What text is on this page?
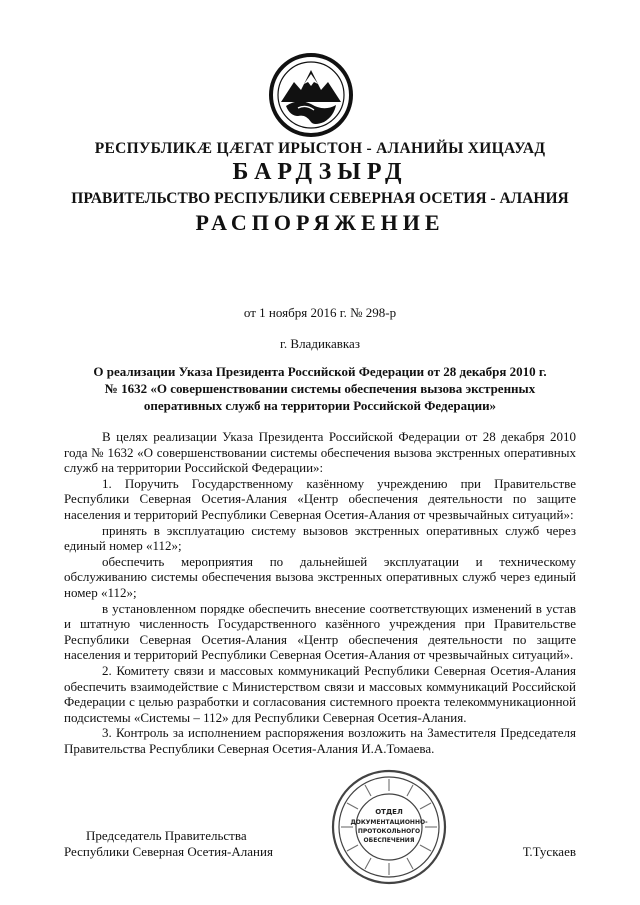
РЕСПУБЛИКӔ ЦӔГАТ ИРЫСТОН - АЛАНИЙЫ ХИЦАУАД
БАРДЗЫРД
ПРАВИТЕЛЬСТВО РЕСПУБЛИКИ СЕВЕРНАЯ ОСЕТИЯ - АЛАНИЯ
РАСПОРЯЖЕНИЕ
от 1 ноября 2016 г. № 298-р
г. Владикавказ
О реализации Указа Президента Российской Федерации от 28 декабря 2010 г.
№ 1632 «О совершенствовании системы обеспечения вызова экстренных
оперативных служб на территории Российской Федерации»

В целях реализации Указа Президента Российской Федерации от 28 декабря 2010 года № 1632 «О совершенствовании системы обеспечения вызова экстренных оперативных служб на территории Российской Федерации»:

1. Поручить Государственному казённому учреждению при Правительстве Республики Северная Осетия-Алания «Центр обеспечения деятельности по защите населения и территорий Республики Северная Осетия-Алания от чрезвычайных ситуаций»:

принять в эксплуатацию систему вызовов экстренных оперативных служб через единый номер «112»;

обеспечить мероприятия по дальнейшей эксплуатации и техническому обслуживанию системы обеспечения вызова экстренных оперативных служб через единый номер «112»;

в установленном порядке обеспечить внесение соответствующих изменений в устав и штатную численность Государственного казённого учреждения при Правительстве Республики Северная Осетия-Алания «Центр обеспечения деятельности по защите населения и территорий Республики Северная Осетия-Алания от чрезвычайных ситуаций».

2. Комитету связи и массовых коммуникаций Республики Северная Осетия-Алания обеспечить взаимодействие с Министерством связи и массовых коммуникаций Российской Федерации с целью разработки и согласования системного проекта телекоммуникационной подсистемы «Системы – 112» для Республики Северная Осетия-Алания.

3. Контроль за исполнением распоряжения возложить на Заместителя Председателя Правительства Республики Северная Осетия-Алания И.А.Томаева.

Председатель Правительства
Республики Северная Осетия-Алания	Т.Тускаев
ОТДЕЛ
ДОКУМЕНТАЦИОННО-
ПРОТОКОЛЬНОГО
ОБЕСПЕЧЕНИЯ
